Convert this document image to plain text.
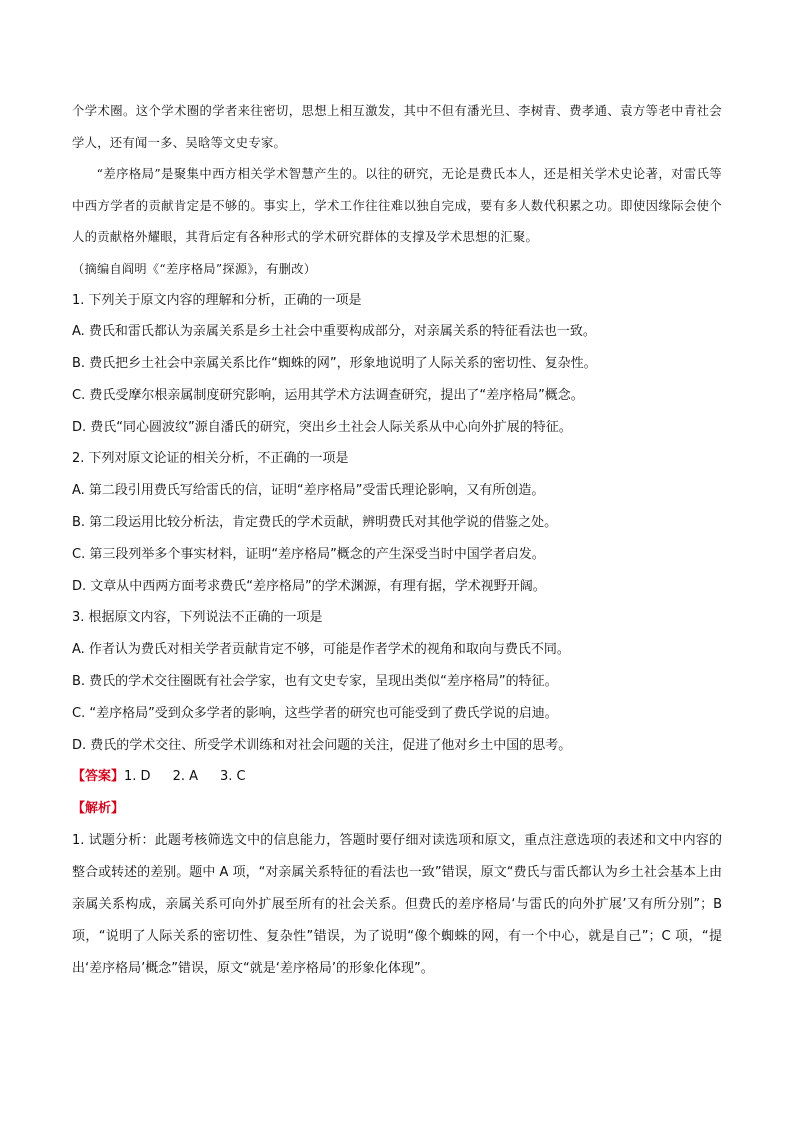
个学术圈。这个学术圈的学者来往密切，思想上相互激发，其中不但有潘光旦、李树青、费孝通、袁方等老中青社会学人，还有闻一多、吴晗等文史专家。

“差序格局”是聚集中西方相关学术智慧产生的。以往的研究，无论是费氏本人，还是相关学术史论著，对雷氏等中西方学者的贡献肯定是不够的。事实上，学术工作往往难以独自完成，要有多人数代积累之功。即使因缘际会使个人的贡献格外耀眼，其背后定有各种形式的学术研究群体的支撑及学术思想的汇聚。

（摘编自阎明《“差序格局”探源》，有删改）

1. 下列关于原文内容的理解和分析，正确的一项是

A. 费氏和雷氏都认为亲属关系是乡土社会中重要构成部分，对亲属关系的特征看法也一致。

B. 费氏把乡土社会中亲属关系比作“蜘蛛的网”，形象地说明了人际关系的密切性、复杂性。

C. 费氏受摩尔根亲属制度研究影响，运用其学术方法调查研究，提出了“差序格局”概念。

D. 费氏“同心圆波纹”源自潘氏的研究，突出乡土社会人际关系从中心向外扩展的特征。

2. 下列对原文论证的相关分析，不正确的一项是

A. 第二段引用费氏写给雷氏的信，证明“差序格局”受雷氏理论影响，又有所创造。

B. 第二段运用比较分析法，肯定费氏的学术贡献，辨明费氏对其他学说的借鉴之处。

C. 第三段列举多个事实材料，证明“差序格局”概念的产生深受当时中国学者启发。

D. 文章从中西两方面考求费氏“差序格局”的学术渊源，有理有据，学术视野开阔。

3. 根据原文内容，下列说法不正确的一项是

A. 作者认为费氏对相关学者贡献肯定不够，可能是作者学术的视角和取向与费氏不同。

B. 费氏的学术交往圈既有社会学家，也有文史专家，呈现出类似“差序格局”的特征。

C. “差序格局”受到众多学者的影响，这些学者的研究也可能受到了费氏学说的启迪。

D. 费氏的学术交往、所受学术训练和对社会问题的关注，促进了他对乡土中国的思考。

【答案】1. D 2. A 3. C

【解析】

1. 试题分析：此题考核筛选文中的信息能力，答题时要仔细对读选项和原文，重点注意选项的表述和文中内容的整合或转述的差别。题中 A 项，“对亲属关系特征的看法也一致”错误，原文“费氏与雷氏都认为乡土社会基本上由亲属关系构成，亲属关系可向外扩展至所有的社会关系。但费氏的差序格局‘与雷氏的向外扩展’又有所分别”；B 项，“说明了人际关系的密切性、复杂性”错误，为了说明“像个蜘蛛的网，有一个中心，就是自己”；C 项，“提出‘差序格局’概念”错误，原文“就是‘差序格局’的形象化体现”。
